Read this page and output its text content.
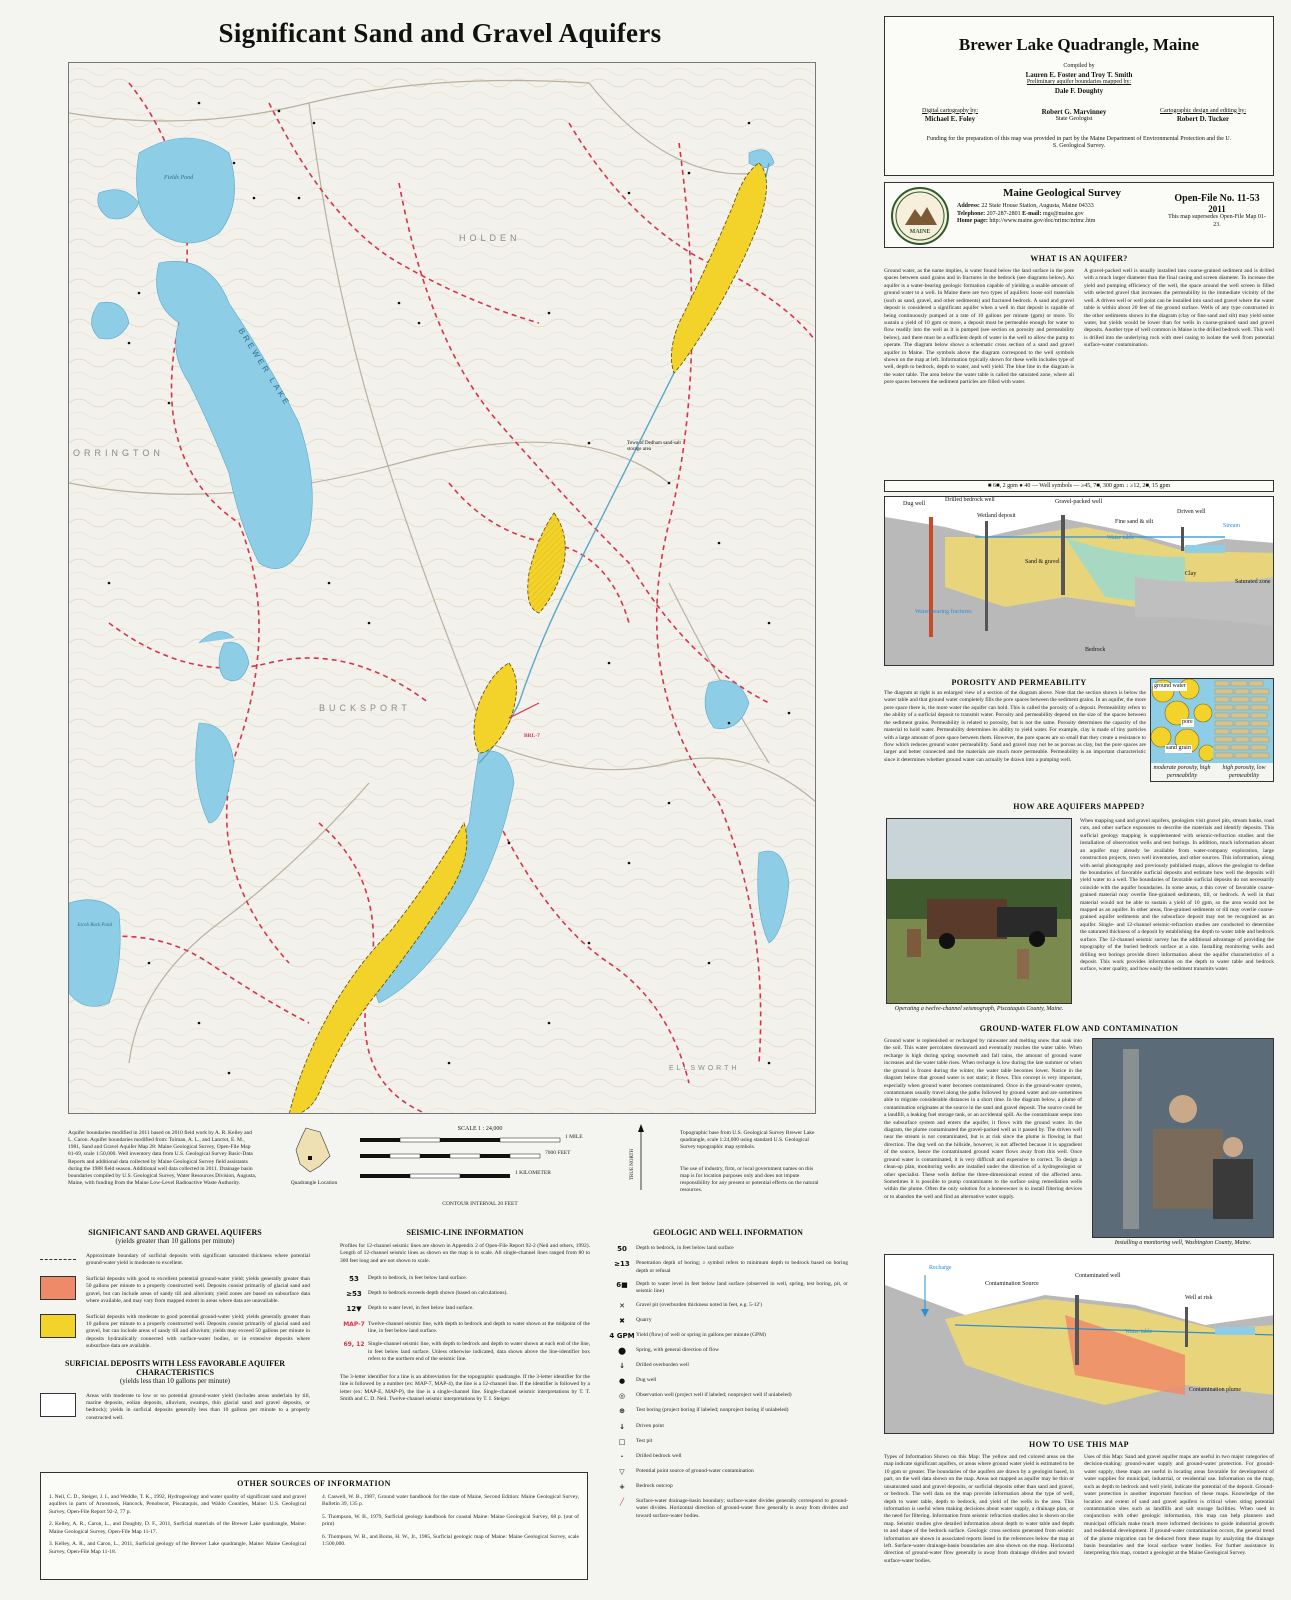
Significant Sand and Gravel Aquifers
BREWER LAKE
Fields Pond
HOLDEN
ORRINGTON
BUCKSPORT
ELLSWORTH
Town of Dedham sand-salt storage area
Jacob Buck Pond
BRL-7
Aquifer boundaries modified in 2011 based on 2010 field work by A. R. Kelley and L. Caron. Aquifer boundaries modified from: Tolman, A. L., and Lanctot, E. M., 1981, Sand and Gravel Aquifer Map 28: Maine Geological Survey, Open-File Map 81-69, scale 1:50,000. Well inventory data from U.S. Geological Survey Basic-Data Reports and additional data collected by Maine Geological Survey field assistants during the 1988 field season. Additional well data collected in 2011. Drainage basin boundaries compiled by U.S. Geological Survey, Water Resources Division, Augusta, Maine, with funding from the Maine Low-Level Radioactive Waste Authority.	Quadrangle Location
SCALE 1 : 24,000
1 MILE
7000 FEET
1 KILOMETER
CONTOUR INTERVAL 20 FEET
TRUE NORTH
Topographic base from U.S. Geological Survey Brewer Lake quadrangle, scale 1:24,000 using standard U.S. Geological Survey topographic map symbols.
The use of industry, firm, or local government names on this map is for location purposes only and does not impute responsibility for any present or potential effects on the natural resources.
SIGNIFICANT SAND AND GRAVEL AQUIFERS
(yields greater than 10 gallons per minute)
Approximate boundary of surficial deposits with significant saturated thickness where potential ground-water yield is moderate to excellent.
Surficial deposits with good to excellent potential ground-water yield; yields generally greater than 50 gallons per minute to a properly constructed well. Deposits consist primarily of glacial sand and gravel, but can include areas of sandy till and alluvium; yield zones are based on subsurface data where available, and may vary from mapped extent in areas where data are unavailable.
Surficial deposits with moderate to good potential ground-water yield; yields generally greater than 10 gallons per minute to a properly constructed well. Deposits consist primarily of glacial sand and gravel, but can include areas of sandy till and alluvium; yields may exceed 50 gallons per minute in deposits hydraulically connected with surface-water bodies, or in extensive deposits where subsurface data are available.
SURFICIAL DEPOSITS WITH LESS FAVORABLE AQUIFER CHARACTERISTICS
(yields less than 10 gallons per minute)
Areas with moderate to low or no potential ground-water yield (includes areas underlain by till, marine deposits, eolian deposits, alluvium, swamps, thin glacial sand and gravel deposits, or bedrock); yields in surficial deposits generally less than 10 gallons per minute to a properly constructed well.
OTHER SOURCES OF INFORMATION
1. Neil, C. D., Steiger, J. I., and Weddle, T. K., 1992, Hydrogeology and water quality of significant sand and gravel aquifers in parts of Aroostook, Hancock, Penobscot, Piscataquis, and Waldo Counties, Maine: U.S. Geological Survey, Open-File Report 92-2, 77 p.
2. Kelley, A. R., Caron, L., and Doughty, D. F., 2011, Surficial materials of the Brewer Lake quadrangle, Maine: Maine Geological Survey, Open-File Map 11-17.
3. Kelley, A. R., and Caron, L., 2011, Surficial geology of the Brewer Lake quadrangle, Maine: Maine Geological Survey, Open-File Map 11-18.
4. Caswell, W. B., 1987, Ground water handbook for the state of Maine, Second Edition: Maine Geological Survey, Bulletin 39, 135 p.
5. Thompson, W. B., 1979, Surficial geology handbook for coastal Maine: Maine Geological Survey, 68 p. (out of print)
6. Thompson, W. B., and Borns, H. W., Jr., 1985, Surficial geologic map of Maine: Maine Geological Survey, scale 1:500,000.
SEISMIC-LINE INFORMATION
Profiles for 12-channel seismic lines are shown in Appendix 2 of Open-File Report 92-2 (Neil and others, 1992). Length of 12-channel seismic lines as shown on the map is to scale. All single-channel lines ranged from 80 to 300 feet long and are not shown to scale.
53	Depth to bedrock, in feet below land surface.
≥53	Depth to bedrock exceeds depth shown (based on calculations).
12▼	Depth to water level, in feet below land surface.
MAP-7 Twelve-channel seismic line, with depth to bedrock and depth to water shown at the midpoint of the line, in feet below land surface.
69, 12 Single-channel seismic line, with depth to bedrock and depth to water shown at each end of the line, in feet below land surface. Unless otherwise indicated, data shown above the line-identifier box refers to the northern end of the seismic line.
The 3-letter identifier for a line is an abbreviation for the topographic quadrangle. If the 3-letter identifier for the line is followed by a number (ex: MAP-7, MAP-4), the line is a 12-channel line. If the identifier is followed by a letter (ex: MAP-E, MAP-P), the line is a single-channel line. Single-channel seismic interpretations by T. T. Smith and C. D. Neil. Twelve-channel seismic interpretations by T. I. Steiger.
GEOLOGIC AND WELL INFORMATION
50	Depth to bedrock, in feet below land surface
≥13	Penetration depth of boring; ≥ symbol refers to minimum depth to bedrock based on boring depth or refusal
6■	Depth to water level in feet below land surface (observed in well, spring, test boring, pit, or seismic line)
✕	Gravel pit (overburden thickness noted in feet, e.g. 5-12')
✖	Quarry
4 GPM Yield (flow) of well or spring in gallons per minute (GPM)
⬤	Spring, with general direction of flow
↓	Drilled overburden well
●	Dug well
◎	Observation well (project well if labeled; nonproject well if unlabeled)
⊕	Test boring (project boring if labeled; nonproject boring if unlabeled)
↓	Driven point
□	Test pit
·	Drilled bedrock well
▽	Potential point source of ground-water contamination
+	Bedrock outcrop
╱	Surface-water drainage-basin boundary; surface-water divides generally correspond to ground-water divides. Horizontal direction of ground-water flow generally is away from divides and toward surface-water bodies.
Brewer Lake Quadrangle, Maine
Compiled by
Lauren E. Foster and Troy T. Smith
Preliminary aquifer boundaries mapped by:
Dale F. Doughty
Digital cartography by:
Michael E. Foley
Robert G. Marvinney
State Geologist
Cartographic design and editing by:
Robert D. Tucker
Funding for the preparation of this map was provided in part by the Maine Department of Environmental Protection and the U. S. Geological Survey.
MAINE
Maine Geological Survey
Address: 22 State House Station, Augusta, Maine 04333
Telephone: 207-287-2801 E-mail: mgs@maine.gov
Home page: http://www.maine.gov/doc/nrimc/nrimc.htm
Open-File No. 11-53
2011
This map supersedes Open-File Map 01-23.
WHAT IS AN AQUIFER?
Ground water, as the name implies, is water found below the land surface in the pore spaces between sand grains and in fractures in the bedrock (see diagrams below). An aquifer is a water-bearing geologic formation capable of yielding a usable amount of ground water to a well. In Maine there are two types of aquifers: loose soil materials (such as sand, gravel, and other sediments) and fractured bedrock. A sand and gravel deposit is considered a significant aquifer when a well in that deposit is capable of being continuously pumped at a rate of 10 gallons per minute (gpm) or more. To sustain a yield of 10 gpm or more, a deposit must be permeable enough for water to flow readily into the well as it is pumped (see section on porosity and permeability below), and there must be a sufficient depth of water in the well to allow the pump to operate. The diagram below shows a schematic cross section of a sand and gravel aquifer in Maine. The symbols above the diagram correspond to the well symbols shown on the map at left. Information typically shown for these wells includes type of well, depth to bedrock, depth to water, and well yield. The blue line in the diagram is the water table. The area below the water table is called the saturated zone, where all pore spaces between the sediment particles are filled with water.
A gravel-packed well is usually installed into coarse-grained sediment and is drilled with a much larger diameter than the final casing and screen diameter. To increase the yield and pumping efficiency of the well, the space around the well screen is filled with selected gravel that increases the permeability in the immediate vicinity of the well. A driven well or well point can be installed into sand and gravel where the water table is within about 20 feet of the ground surface. Wells of any type constructed in the other sediments shown in the diagram (clay or fine sand and silt) may yield some water, but yields would be lower than for wells in coarse-grained sand and gravel deposits. Another type of well common in Maine is the drilled bedrock well. This well is drilled into the underlying rock with steel casing to isolate the well from potential surface-water contamination.
■ 6■, 2 gpm ● 40 — Well symbols — ≥45, 7■, 300 gpm ↓ ≥12, 2■, 15 gpm
Dug well
Drilled bedrock well	Gravel-packed well
Wetland deposit
Fine sand & silt
Driven well
Stream
Water table
Sand & gravel
Clay
Saturated zone
Water-bearing fractures
Bedrock
POROSITY AND PERMEABILITY
The diagram at right is an enlarged view of a section of the diagram above. Note that the section shown is below the water table and that ground water completely fills the pore spaces between the sediment grains. In an aquifer, the more pore space there is, the more water the aquifer can hold. This is called the porosity of a deposit. Permeability refers to the ability of a surficial deposit to transmit water. Porosity and permeability depend on the size of the spaces between the sediment grains. Permeability is related to porosity, but is not the same. Porosity determines the capacity of the material to hold water. Permeability determines its ability to yield water. For example, clay is made of tiny particles with a large amount of pore space between them. However, the pore spaces are so small that they create a resistance to flow which reduces ground water permeability. Sand and gravel may not be as porous as clay, but the pore spaces are larger and better connected and the materials are much more permeable. Permeability is an important characteristic since it determines whether ground water can actually be drawn into a pumping well.
ground water
pore
sand grain
moderate porosity, high permeability
high porosity, low permeability
HOW ARE AQUIFERS MAPPED?
Operating a twelve-channel seismograph, Piscataquis County, Maine.
When mapping sand and gravel aquifers, geologists visit gravel pits, stream banks, road cuts, and other surface exposures to describe the materials and identify deposits. This surficial geology mapping is supplemented with seismic-refraction studies and the installation of observation wells and test borings. In addition, much information about an aquifer may already be available from water-company exploration, large construction projects, town well inventories, and other sources. This information, along with aerial photography and previously published maps, allows the geologist to define the boundaries of favorable surficial deposits and estimate how well the deposits will yield water to a well. The boundaries of favorable surficial deposits do not necessarily coincide with the aquifer boundaries. In some areas, a thin cover of favorable coarse-grained material may overlie fine-grained sediments, till, or bedrock. A well in that material would not be able to sustain a yield of 10 gpm, so the area would not be mapped as an aquifer. In other areas, fine-grained sediments or till may overlie coarse-grained aquifer sediments and the subsurface deposit may not be recognized as an aquifer. Single- and 12-channel seismic-refraction studies are conducted to determine the saturated thickness of a deposit by establishing the depth to water table and bedrock surface. The 12-channel seismic survey has the additional advantage of providing the topography of the buried bedrock surface at a site. Installing monitoring wells and drilling test borings provide direct information about the aquifer characteristics of a deposit. This work provides information on the depth to water table and bedrock surface, water quality, and how easily the sediment transmits water.
GROUND-WATER FLOW AND CONTAMINATION
Ground water is replenished or recharged by rainwater and melting snow that soak into the soil. This water percolates downward and eventually reaches the water table. When recharge is high during spring snowmelt and fall rains, the amount of ground water increases and the water table rises. When recharge is low during the late summer or when the ground is frozen during the winter, the water table becomes lower. Notice in the diagram below that ground water is not static; it flows. This concept is very important, especially when ground water becomes contaminated. Once in the ground-water system, contaminants usually travel along the paths followed by ground water and are sometimes able to migrate considerable distances in a short time. In the diagram below, a plume of contamination originates at the source in the sand and gravel deposit. The source could be a landfill, a leaking fuel storage tank, or an accidental spill. As the contaminant seeps into the subsurface system and enters the aquifer, it flows with the ground water. In the diagram, the plume contaminated the gravel-packed well as it passed by. The driven well near the stream is not contaminated, but is at risk since the plume is flowing in that direction. The dug well on the hillside, however, is not affected because it is upgradient of the source, hence the contaminated ground water flows away from this well. Once ground water is contaminated, it is very difficult and expensive to correct. To design a clean-up plan, monitoring wells are installed under the direction of a hydrogeologist or other specialist. These wells define the three-dimensional extent of the affected area. Sometimes it is possible to pump contaminants to the surface using remediation wells within the plume. Often the only solution for a homeowner is to install filtering devices or to abandon the well and find an alternative water supply.
Installing a monitoring well, Washington County, Maine.
Recharge
Contamination Source
Contaminated well
Well at risk
Water table
Contamination plume
HOW TO USE THIS MAP
Types of Information Shown on this Map: The yellow and red colored areas on the map indicate significant aquifers, or areas where ground water yield is estimated to be 10 gpm or greater. The boundaries of the aquifers are drawn by a geologist based, in part, on the well data shown on the map. Areas not mapped as aquifer may be thin or unsaturated sand and gravel deposits, or surficial deposits other than sand and gravel, or bedrock. The well data on the map provide information about the type of well, depth to water table, depth to bedrock, and yield of the wells in the area. This information is useful when making decisions about water supply, a drainage plan, or the need for filtering. Information from seismic refraction studies also is shown on the map. Seismic studies give detailed information about depth to water table and depth to and shape of the bedrock surface. Geologic cross sections generated from seismic information are shown in associated reports listed in the references below the map at left. Surface-water drainage-basin boundaries are also shown on the map. Horizontal direction of ground-water flow generally is away from drainage divides and toward surface-water bodies.
Uses of this Map: Sand and gravel aquifer maps are useful in two major categories of decision-making: ground-water supply and ground-water protection. For ground-water supply, these maps are useful in locating areas favorable for development of water supplies for municipal, industrial, or residential use. Information on the map, such as depth to bedrock and well yield, indicate the potential of the deposit. Ground-water protection is another important function of these maps. Knowledge of the location and extent of sand and gravel aquifers is critical when siting potential contamination sites such as landfills and salt storage facilities. When used in conjunction with other geologic information, this map can help planners and municipal officials make much more informed decisions to guide industrial growth and residential development. If ground-water contamination occurs, the general trend of the plume migration can be deduced from these maps by analyzing the drainage basin boundaries and the local surface water bodies. For further assistance in interpreting this map, contact a geologist at the Maine Geological Survey.
